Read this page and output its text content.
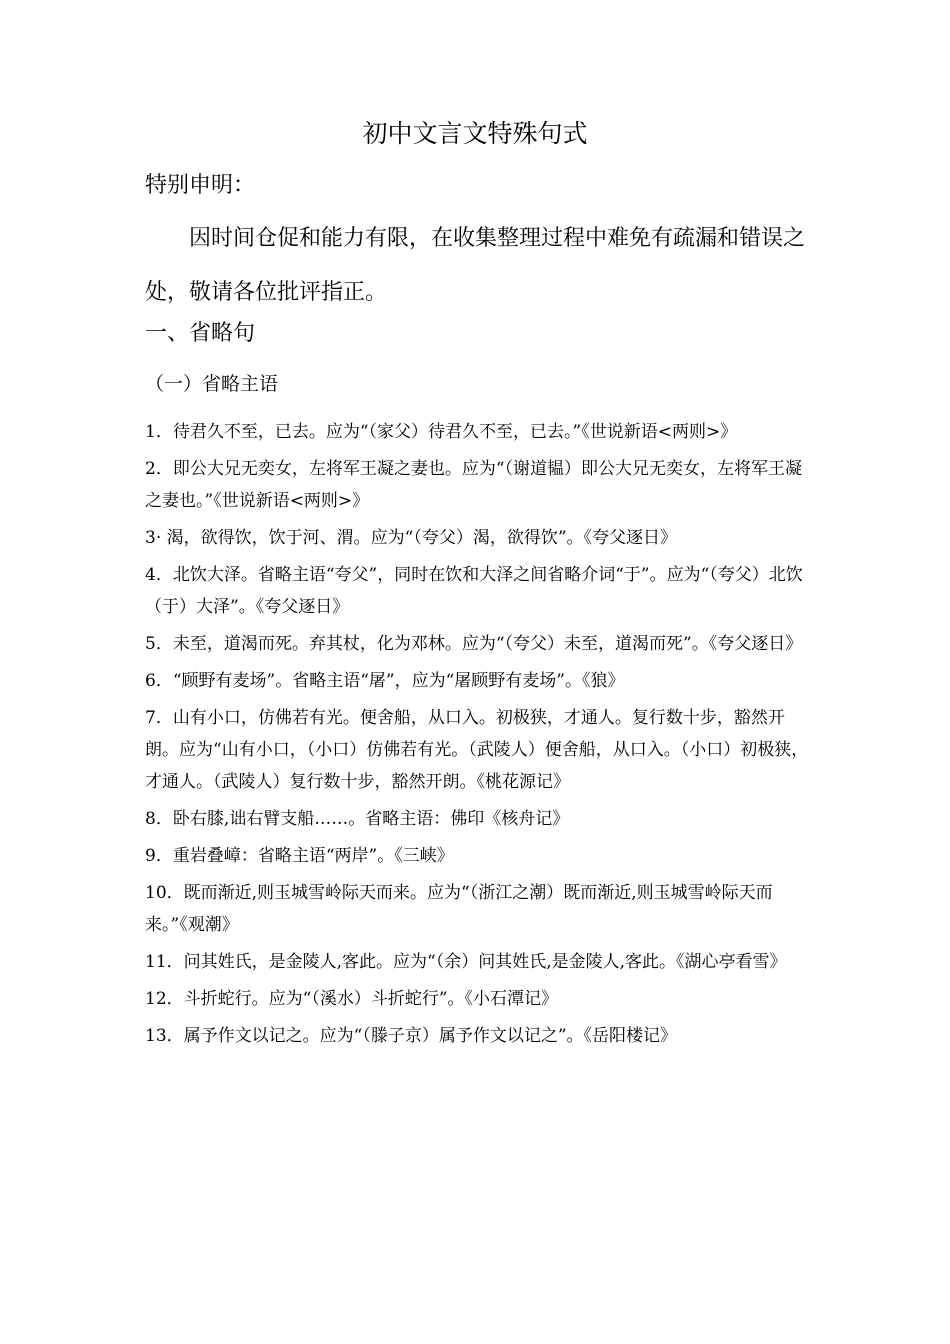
初中文言文特殊句式
特别申明：
因时间仓促和能力有限，在收集整理过程中难免有疏漏和错误之处，敬请各位批评指正。
一、省略句
（一）省略主语
1．待君久不至，已去。应为“（家父）待君久不至，已去。”《世说新语<两则>》
2．即公大兄无奕女，左将军王凝之妻也。应为“（谢道韫）即公大兄无奕女，左将军王凝之妻也。”《世说新语<两则>》
3· 渴，欲得饮，饮于河、渭。应为“（夸父）渴，欲得饮”。《夸父逐日》
4．北饮大泽。省略主语“夸父”，同时在饮和大泽之间省略介词“于”。应为“（夸父）北饮（于）大泽”。《夸父逐日》
5．未至，道渴而死。弃其杖，化为邓林。应为“（夸父）未至，道渴而死”。《夸父逐日》
6．“顾野有麦场”。省略主语“屠”，应为“屠顾野有麦场”。《狼》
7．山有小口，仿佛若有光。便舍船，从口入。初极狭，才通人。复行数十步，豁然开朗。应为“山有小口，（小口）仿佛若有光。（武陵人）便舍船，从口入。（小口）初极狭，才通人。（武陵人）复行数十步，豁然开朗。《桃花源记》
8．卧右膝,诎右臂支船……。省略主语：佛印《核舟记》
9．重岩叠嶂：省略主语“两岸”。《三峡》
10．既而渐近,则玉城雪岭际天而来。应为“（浙江之潮）既而渐近,则玉城雪岭际天而来。”《观潮》
11．问其姓氏，是金陵人,客此。应为“（余）问其姓氏,是金陵人,客此。《湖心亭看雪》
12．斗折蛇行。应为“（溪水）斗折蛇行”。《小石潭记》
13．属予作文以记之。应为“（滕子京）属予作文以记之”。《岳阳楼记》
